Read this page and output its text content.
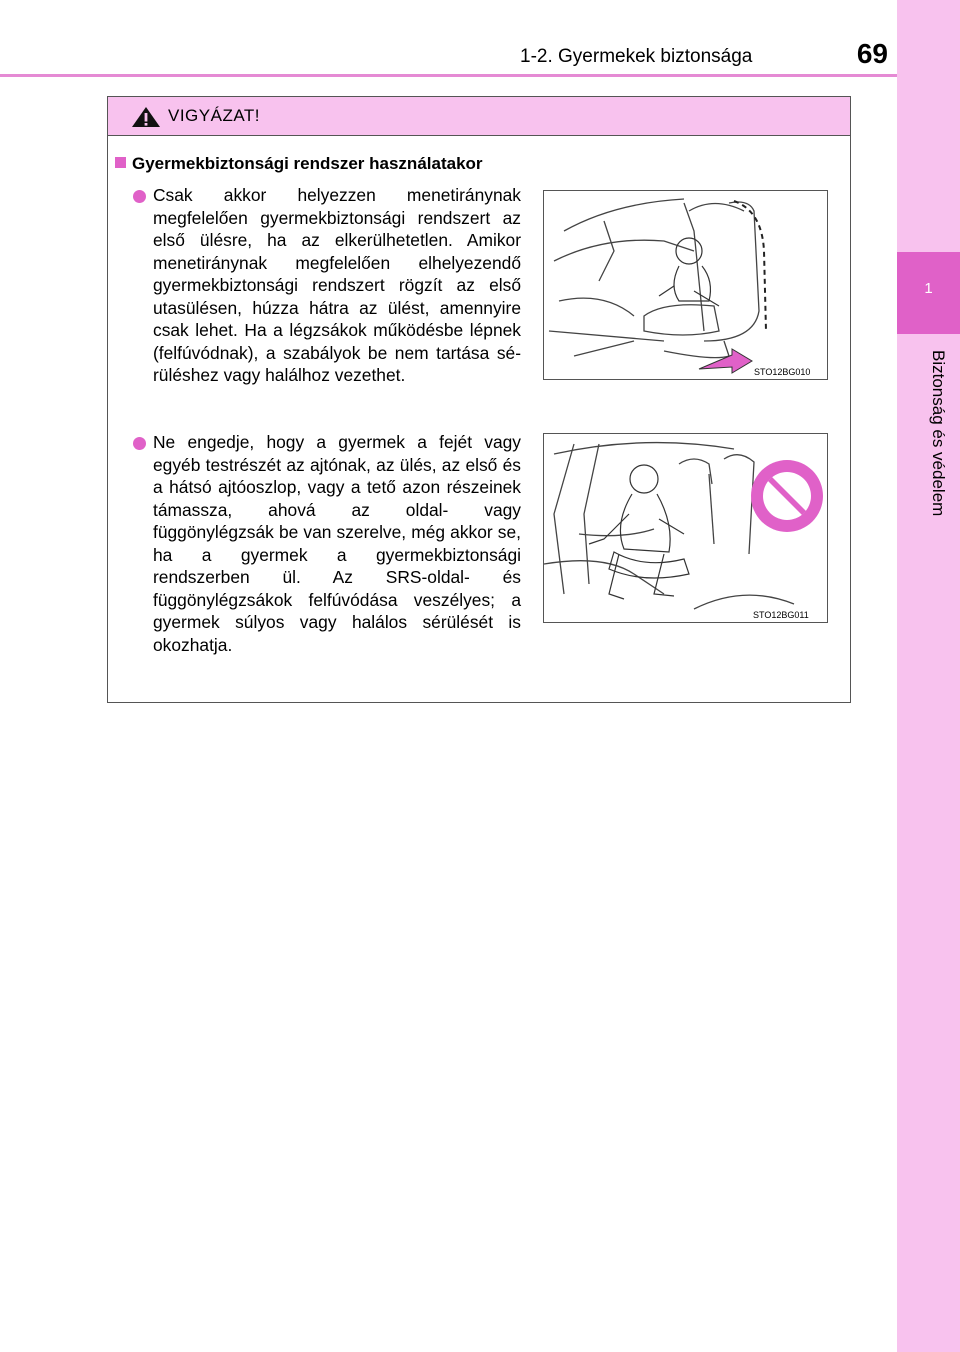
1-2. Gyermekek biztonsága	69
1
Biztonság és védelem
VIGYÁZAT!
Gyermekbiztonsági rendszer használatakor
Csak akkor helyezzen menetiránynak megfelelően gyermekbiztonsági rendszert az első ülésre, ha az elkerülhetetlen. Amikor menetiránynak megfelelően elhelyezendő gyermekbiztonsági rendszert rögzít az első utasülésen, húzza hátra az ülést, amennyire csak lehet. Ha a légzsákok működésbe lépnek (felfúvódnak), a szabályok be nem tartása sérüléshez vagy halálhoz vezethet.	STO12BG010
Ne engedje, hogy a gyermek a fejét vagy egyéb testrészét az ajtónak, az ülés, az első és a hátsó ajtóoszlop, vagy a tető azon részeinek támassza, ahová az oldal- vagy függönylégzsák be van szerelve, még akkor se, ha a gyermek a gyermekbiztonsági rendszerben ül. Az SRS-oldal- és függönylégzsákok felfúvódása veszélyes; a gyermek súlyos vagy halálos sérülését is okozhatja.
STO12BG011
